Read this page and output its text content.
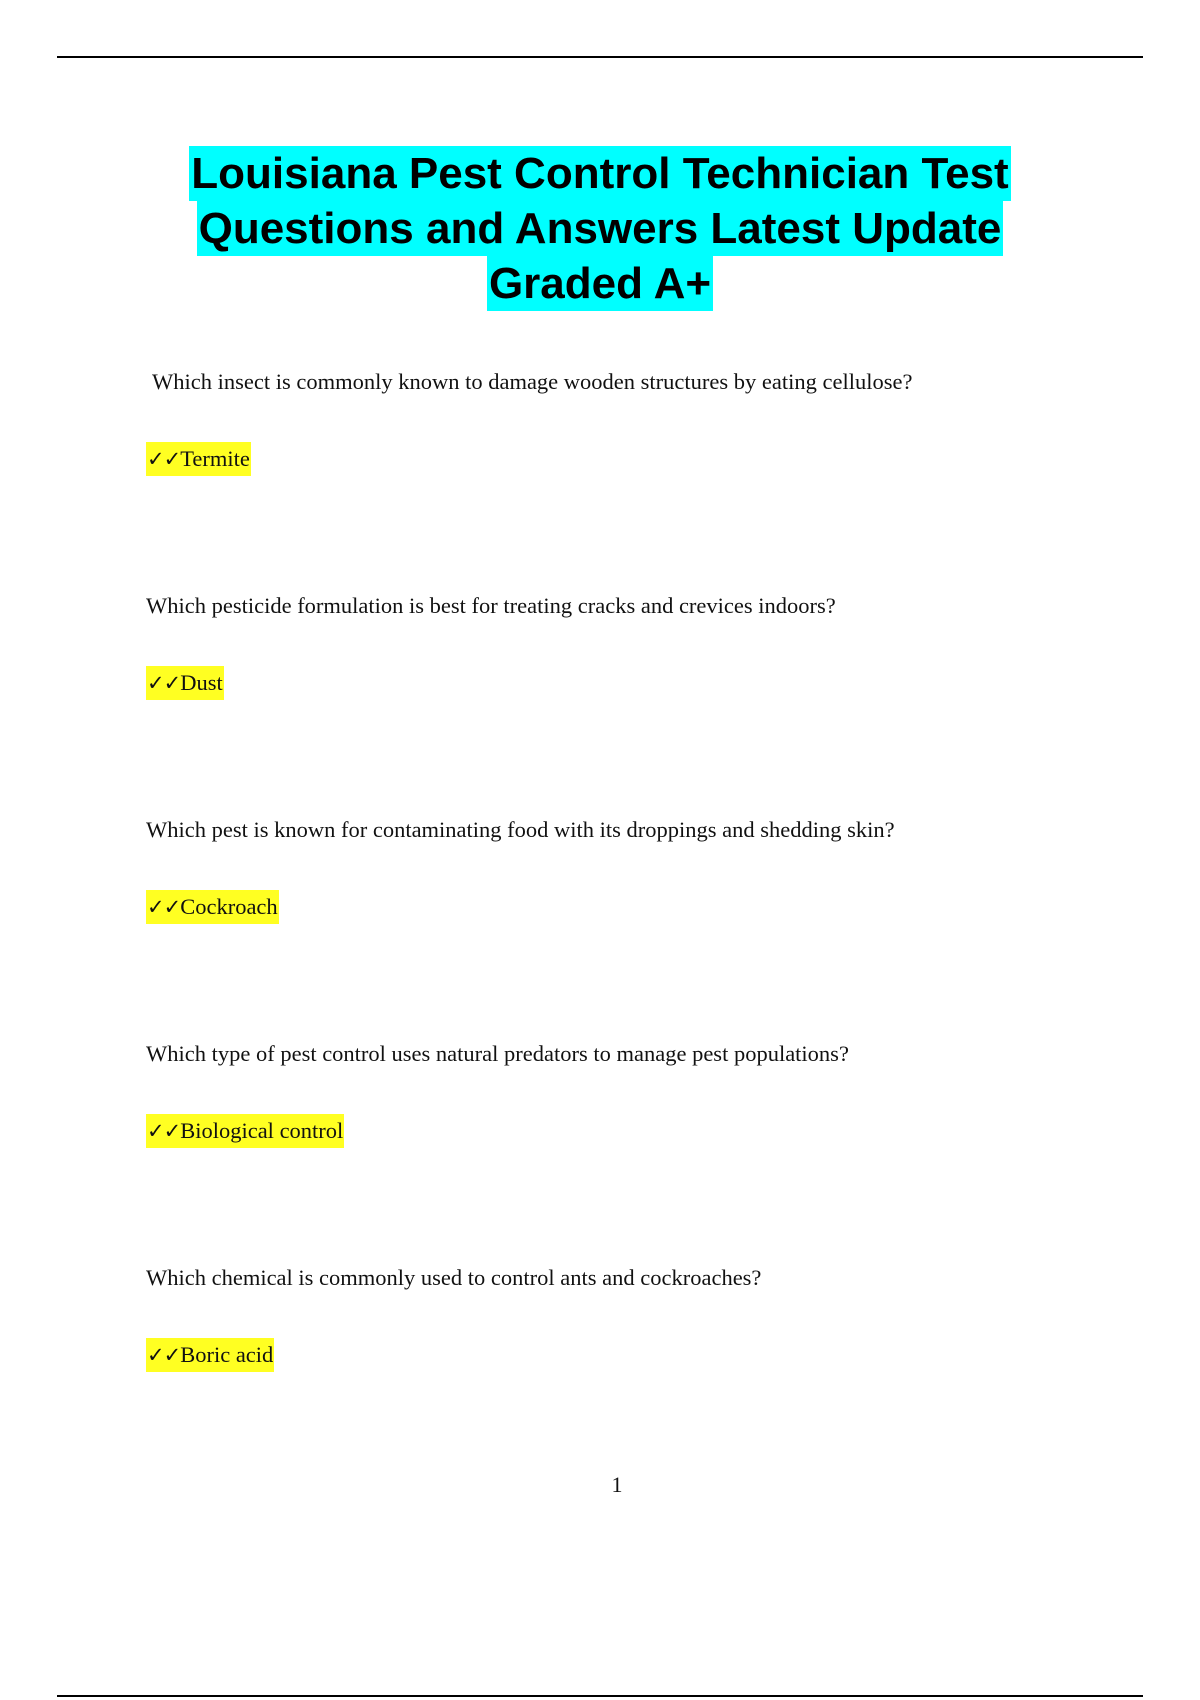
Louisiana Pest Control Technician Test
Questions and Answers Latest Update
Graded A+

Which insect is commonly known to damage wooden structures by eating cellulose?

✓✓Termite

Which pesticide formulation is best for treating cracks and crevices indoors?

✓✓Dust

Which pest is known for contaminating food with its droppings and shedding skin?

✓✓Cockroach

Which type of pest control uses natural predators to manage pest populations?

✓✓Biological control

Which chemical is commonly used to control ants and cockroaches?

✓✓Boric acid
1
